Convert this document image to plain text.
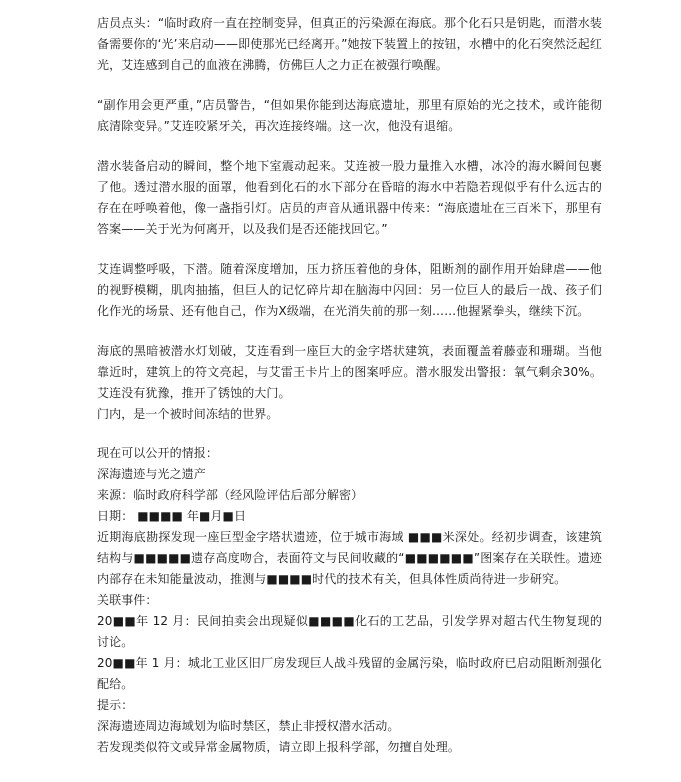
店员点头：“临时政府一直在控制变异，但真正的污染源在海底。那个化石只是钥匙，而潜水装备需要你的‘光’来启动——即使那光已经离开。”她按下装置上的按钮，水槽中的化石突然泛起红光，艾连感到自己的血液在沸腾，仿佛巨人之力正在被强行唤醒。

“副作用会更严重，”店员警告，“但如果你能到达海底遗址，那里有原始的光之技术，或许能彻底清除变异。”艾连咬紧牙关，再次连接终端。这一次，他没有退缩。

潜水装备启动的瞬间，整个地下室震动起来。艾连被一股力量推入水槽，冰冷的海水瞬间包裹了他。透过潜水服的面罩，他看到化石的水下部分在昏暗的海水中若隐若现似乎有什么远古的存在在呼唤着他，像一盏指引灯。店员的声音从通讯器中传来：“海底遗址在三百米下，那里有答案——关于光为何离开，以及我们是否还能找回它。”

艾连调整呼吸，下潜。随着深度增加，压力挤压着他的身体，阻断剂的副作用开始肆虐——他的视野模糊，肌肉抽搐，但巨人的记忆碎片却在脑海中闪回：另一位巨人的最后一战、孩子们化作光的场景、还有他自己，作为X级端，在光消失前的那一刻……他握紧拳头，继续下沉。

海底的黑暗被潜水灯划破，艾连看到一座巨大的金字塔状建筑，表面覆盖着藤壶和珊瑚。当他靠近时，建筑上的符文亮起，与艾雷王卡片上的图案呼应。潜水服发出警报：氧气剩余30%。艾连没有犹豫，推开了锈蚀的大门。

门内，是一个被时间冻结的世界。

现在可以公开的情报：

深海遗迹与光之遗产

来源：临时政府科学部（经风险评估后部分解密）

日期： ■■■■ 年■月■日

近期海底勘探发现一座巨型金字塔状遗迹，位于城市海域 ■■■米深处。经初步调查，该建筑结构与■■■■■遗存高度吻合，表面符文与民间收藏的“■■■■■■”图案存在关联性。遗迹内部存在未知能量波动，推测与■■■■时代的技术有关，但具体性质尚待进一步研究。

关联事件：

20■■年 12 月：民间拍卖会出现疑似■■■■化石的工艺品，引发学界对超古代生物复现的讨论。

20■■年 1 月：城北工业区旧厂房发现巨人战斗残留的金属污染，临时政府已启动阻断剂强化配给。

提示：

深海遗迹周边海域划为临时禁区，禁止非授权潜水活动。

若发现类似符文或异常金属物质，请立即上报科学部，勿擅自处理。
